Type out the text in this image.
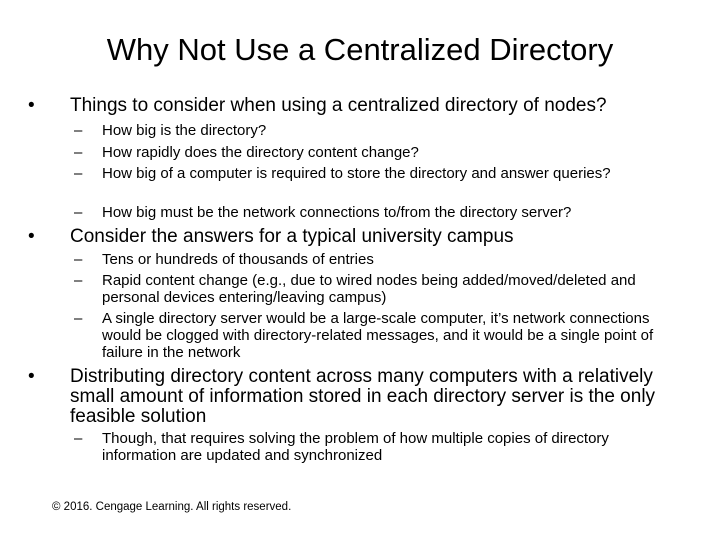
Why Not Use a Centralized Directory
•	Things to consider when using a centralized directory of nodes?
– How big is the directory?
– How rapidly does the directory content change?
– How big of a computer is required to store the directory and answer queries?
– How big must be the network connections to/from the directory server?
•	Consider the answers for a typical university campus
– Tens or hundreds of thousands of entries
– Rapid content change (e.g., due to wired nodes being added/moved/deleted and personal devices entering/leaving campus)
– A single directory server would be a large-scale computer, it’s network connections would be clogged with directory-related messages, and it would be a single point of failure in the network
•	Distributing directory content across many computers with a relatively small amount of information stored in each directory server is the only feasible solution
– Though, that requires solving the problem of how multiple copies of directory information are updated and synchronized
© 2016. Cengage Learning. All rights reserved.
